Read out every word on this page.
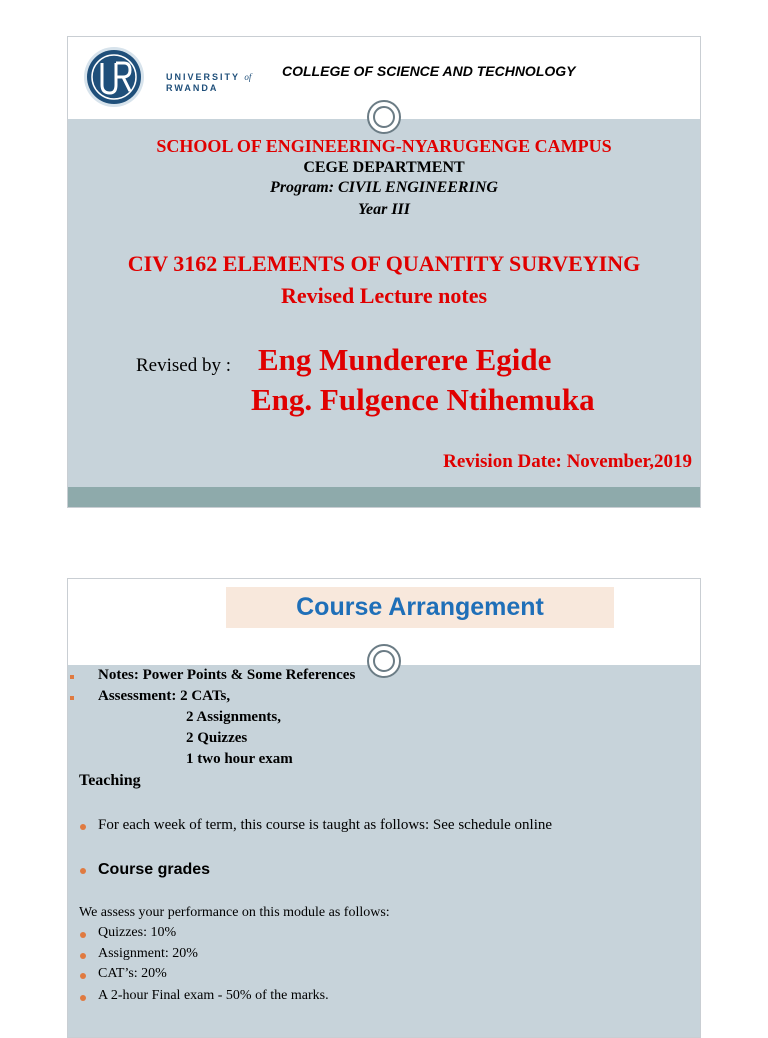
UNIVERSITY of
RWANDA
COLLEGE OF SCIENCE AND TECHNOLOGY
SCHOOL OF ENGINEERING-NYARUGENGE CAMPUS
CEGE DEPARTMENT
Program: CIVIL ENGINEERING
Year III
CIV 3162 ELEMENTS OF QUANTITY SURVEYING
Revised Lecture notes
Revised by : Eng Munderere Egide
Eng. Fulgence Ntihemuka
Revision Date: November,2019
Course Arrangement
Notes: Power Points & Some References
Assessment: 2 CATs,
2 Assignments,
2 Quizzes
1 two hour exam
Teaching
For each week of term, this course is taught as follows: See schedule online
Course grades
We assess your performance on this module as follows:
Quizzes: 10%
Assignment: 20%
CAT’s: 20%
A 2-hour Final exam - 50% of the marks.
